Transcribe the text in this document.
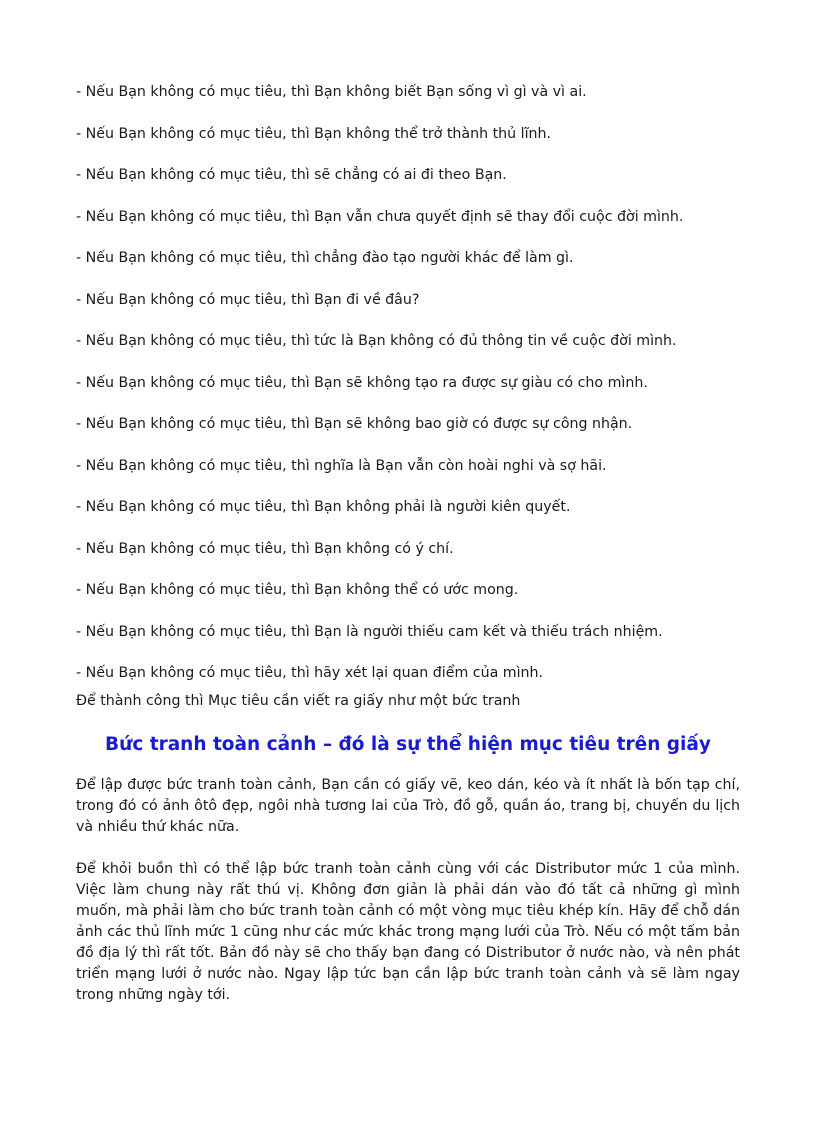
- Nếu Bạn không có mục tiêu, thì Bạn không biết Bạn sống vì gì và vì ai.
- Nếu Bạn không có mục tiêu, thì Bạn không thể trở thành thủ lĩnh.
- Nếu Bạn không có mục tiêu, thì sẽ chẳng có ai đi theo Bạn.
- Nếu Bạn không có mục tiêu, thì Bạn vẫn chưa quyết định sẽ thay đổi cuộc đời mình.
- Nếu Bạn không có mục tiêu, thì chẳng đào tạo người khác để làm gì.
- Nếu Bạn không có mục tiêu, thì Bạn đi về đâu?
- Nếu Bạn không có mục tiêu, thì tức là Bạn không có đủ thông tin về cuộc đời mình.
- Nếu Bạn không có mục tiêu, thì Bạn sẽ không tạo ra được sự giàu có cho mình.
- Nếu Bạn không có mục tiêu, thì Bạn sẽ không bao giờ có được sự công nhận.
- Nếu Bạn không có mục tiêu, thì nghĩa là Bạn vẫn còn hoài nghi và sợ hãi.
- Nếu Bạn không có mục tiêu, thì Bạn không phải là người kiên quyết.
- Nếu Bạn không có mục tiêu, thì Bạn không có ý chí.
- Nếu Bạn không có mục tiêu, thì Bạn không thể có ước mong.
- Nếu Bạn không có mục tiêu, thì Bạn là người thiếu cam kết và thiếu trách nhiệm.
- Nếu Bạn không có mục tiêu, thì hãy xét lại quan điểm của mình.

Để thành công thì Mục tiêu cần viết ra giấy như một bức tranh

Bức tranh toàn cảnh – đó là sự thể hiện mục tiêu trên giấy

Để lập được bức tranh toàn cảnh, Bạn cần có giấy vẽ, keo dán, kéo và ít nhất là bốn tạp chí, trong đó có ảnh ôtô đẹp, ngôi nhà tương lai của Trò, đồ gỗ, quần áo, trang bị, chuyến du lịch và nhiều thứ khác nữa.

Để khỏi buồn thì có thể lập bức tranh toàn cảnh cùng với các Distributor mức 1 của mình. Việc làm chung này rất thú vị. Không đơn giản là phải dán vào đó tất cả những gì mình muốn, mà phải làm cho bức tranh toàn cảnh có một vòng mục tiêu khép kín. Hãy để chỗ dán ảnh các thủ lĩnh mức 1 cũng như các mức khác trong mạng lưới của Trò. Nếu có một tấm bản đồ địa lý thì rất tốt. Bản đồ này sẽ cho thấy bạn đang có Distributor ở nước nào, và nên phát triển mạng lưới ở nước nào. Ngay lập tức bạn cần lập bức tranh toàn cảnh và sẽ làm ngay trong những ngày tới.
